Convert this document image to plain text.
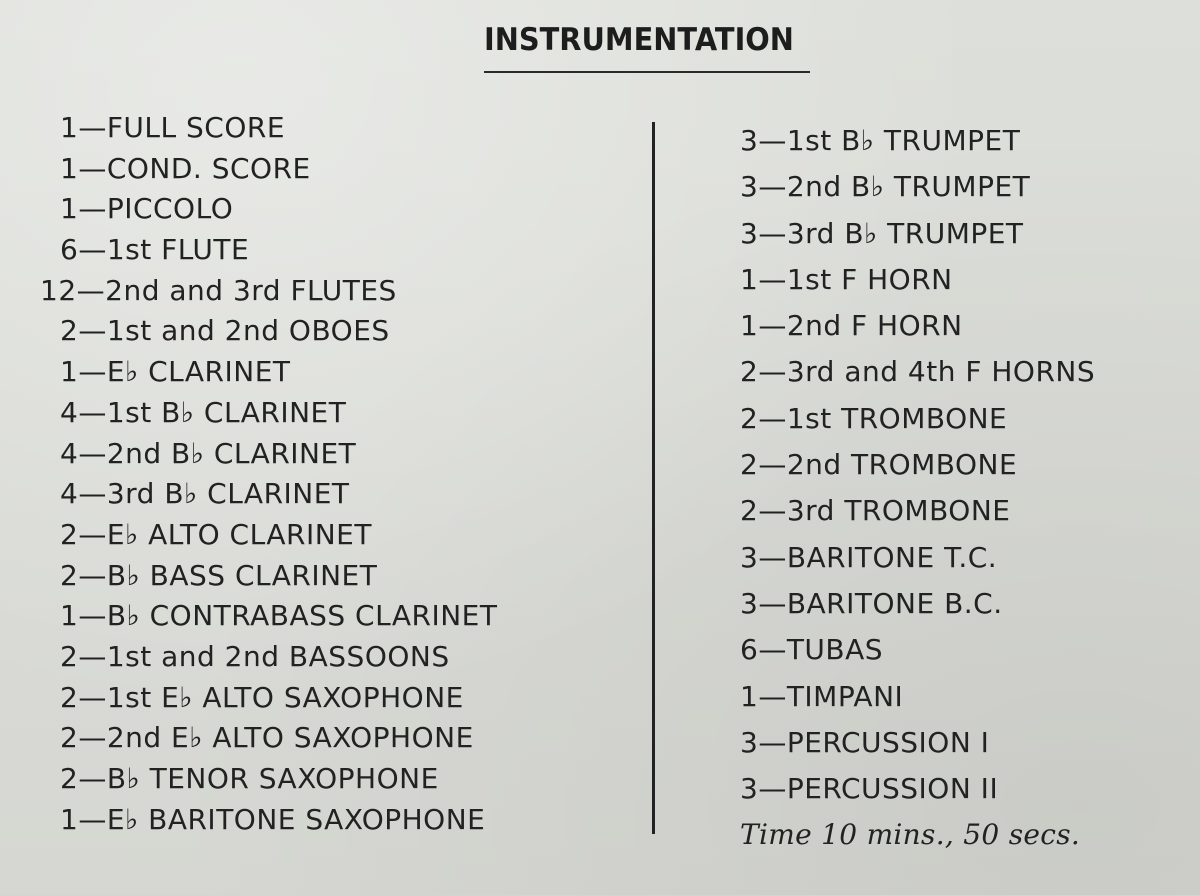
INSTRUMENTATION
1—FULL SCORE
1—COND. SCORE
1—PICCOLO
6—1st FLUTE
12—2nd and 3rd FLUTES
2—1st and 2nd OBOES
1—E♭ CLARINET
4—1st B♭ CLARINET
4—2nd B♭ CLARINET
4—3rd B♭ CLARINET
2—E♭ ALTO CLARINET
2—B♭ BASS CLARINET
1—B♭ CONTRABASS CLARINET
2—1st and 2nd BASSOONS
2—1st E♭ ALTO SAXOPHONE
2—2nd E♭ ALTO SAXOPHONE
2—B♭ TENOR SAXOPHONE
1—E♭ BARITONE SAXOPHONE
3—1st B♭ TRUMPET
3—2nd B♭ TRUMPET
3—3rd B♭ TRUMPET
1—1st F HORN
1—2nd F HORN
2—3rd and 4th F HORNS
2—1st TROMBONE
2—2nd TROMBONE
2—3rd TROMBONE
3—BARITONE T.C.
3—BARITONE B.C.
6—TUBAS
1—TIMPANI
3—PERCUSSION I
3—PERCUSSION II
Time 10 mins., 50 secs.
